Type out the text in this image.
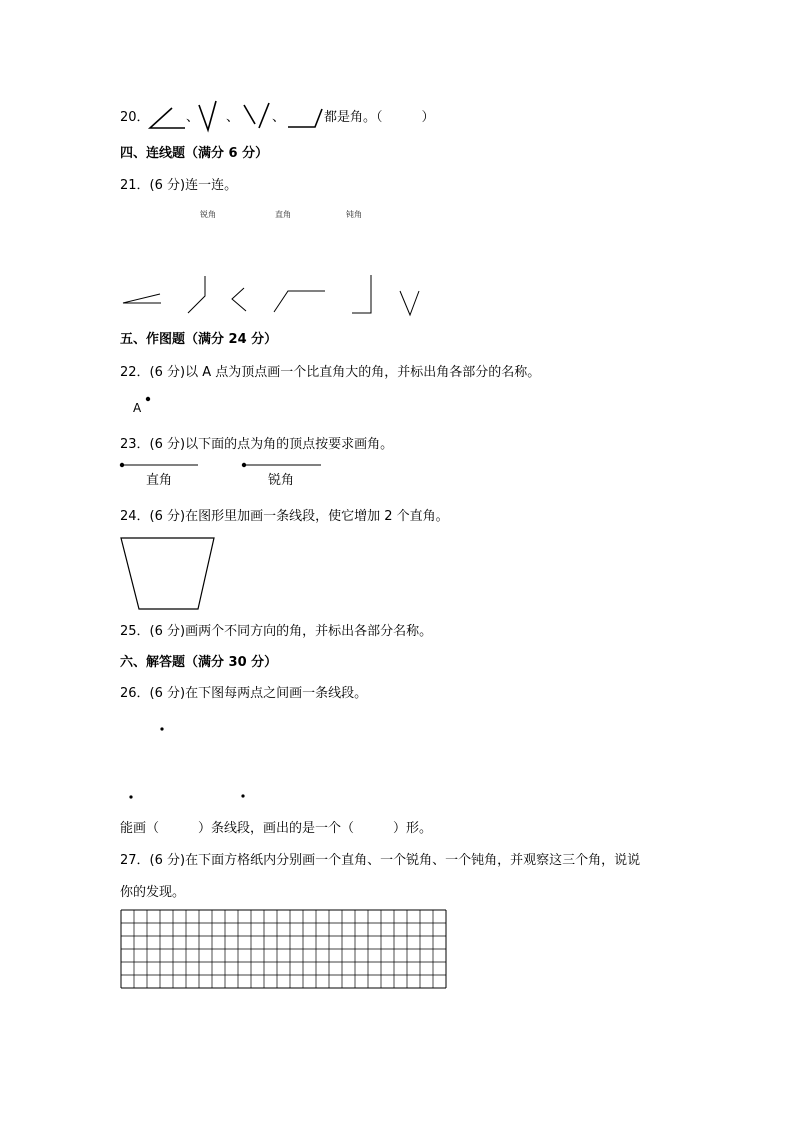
20．	、 、	、	都是角。（　　　）
四、连线题（满分 6 分）
21．(6 分)连一连。
锐角	直角	钝角
五、作图题（满分 24 分）
22．(6 分)以 A 点为顶点画一个比直角大的角，并标出角各部分的名称。
A
23．(6 分)以下面的点为角的顶点按要求画角。
直角	锐角
24．(6 分)在图形里加画一条线段，使它增加 2 个直角。
25．(6 分)画两个不同方向的角，并标出各部分名称。
六、解答题（满分 30 分）
26．(6 分)在下图每两点之间画一条线段。
能画（　　　）条线段，画出的是一个（　　　）形。
27．(6 分)在下面方格纸内分别画一个直角、一个锐角、一个钝角，并观察这三个角，说说
你的发现。
